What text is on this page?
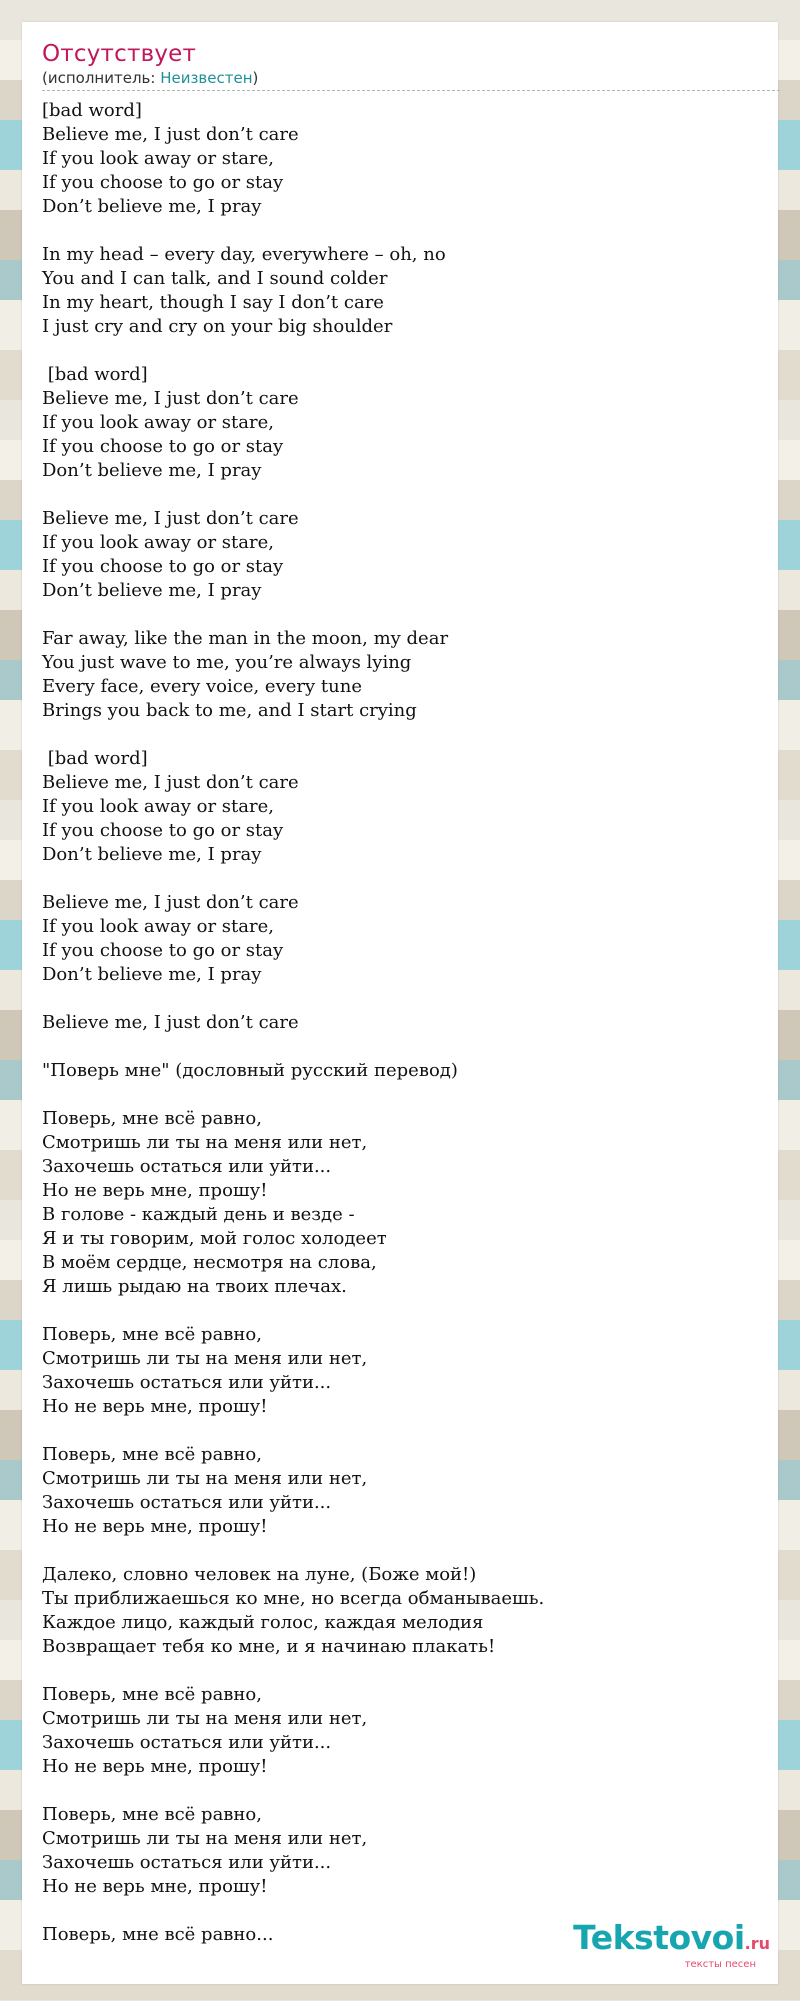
Отсутствует
(исполнитель: Неизвестен)
[bad word]
Believe me, I just don’t care
If you look away or stare,
If you choose to go or stay
Don’t believe me, I pray

In my head – every day, everywhere – oh, no
You and I can talk, and I sound colder
In my heart, though I say I don’t care
I just cry and cry on your big shoulder

[bad word]
Believe me, I just don’t care
If you look away or stare,
If you choose to go or stay
Don’t believe me, I pray

Believe me, I just don’t care
If you look away or stare,
If you choose to go or stay
Don’t believe me, I pray

Far away, like the man in the moon, my dear
You just wave to me, you’re always lying
Every face, every voice, every tune
Brings you back to me, and I start crying

[bad word]
Believe me, I just don’t care
If you look away or stare,
If you choose to go or stay
Don’t believe me, I pray

Believe me, I just don’t care
If you look away or stare,
If you choose to go or stay
Don’t believe me, I pray

Believe me, I just don’t care

"Поверь мне" (дословный русский перевод)

Поверь, мне всё равно,
Смотришь ли ты на меня или нет,
Захочешь остаться или уйти...
Но не верь мне, прошу!
В голове - каждый день и везде -
Я и ты говорим, мой голос холодеет
В моём сердце, несмотря на слова,
Я лишь рыдаю на твоих плечах.

Поверь, мне всё равно,
Смотришь ли ты на меня или нет,
Захочешь остаться или уйти...
Но не верь мне, прошу!

Поверь, мне всё равно,
Смотришь ли ты на меня или нет,
Захочешь остаться или уйти...
Но не верь мне, прошу!

Далеко, словно человек на луне, (Боже мой!)
Ты приближаешься ко мне, но всегда обманываешь.
Каждое лицо, каждый голос, каждая мелодия
Возвращает тебя ко мне, и я начинаю плакать!

Поверь, мне всё равно,
Смотришь ли ты на меня или нет,
Захочешь остаться или уйти...
Но не верь мне, прошу!

Поверь, мне всё равно,
Смотришь ли ты на меня или нет,
Захочешь остаться или уйти...
Но не верь мне, прошу!

Поверь, мне всё равно...	Tekstovoi.ru
тексты песен
